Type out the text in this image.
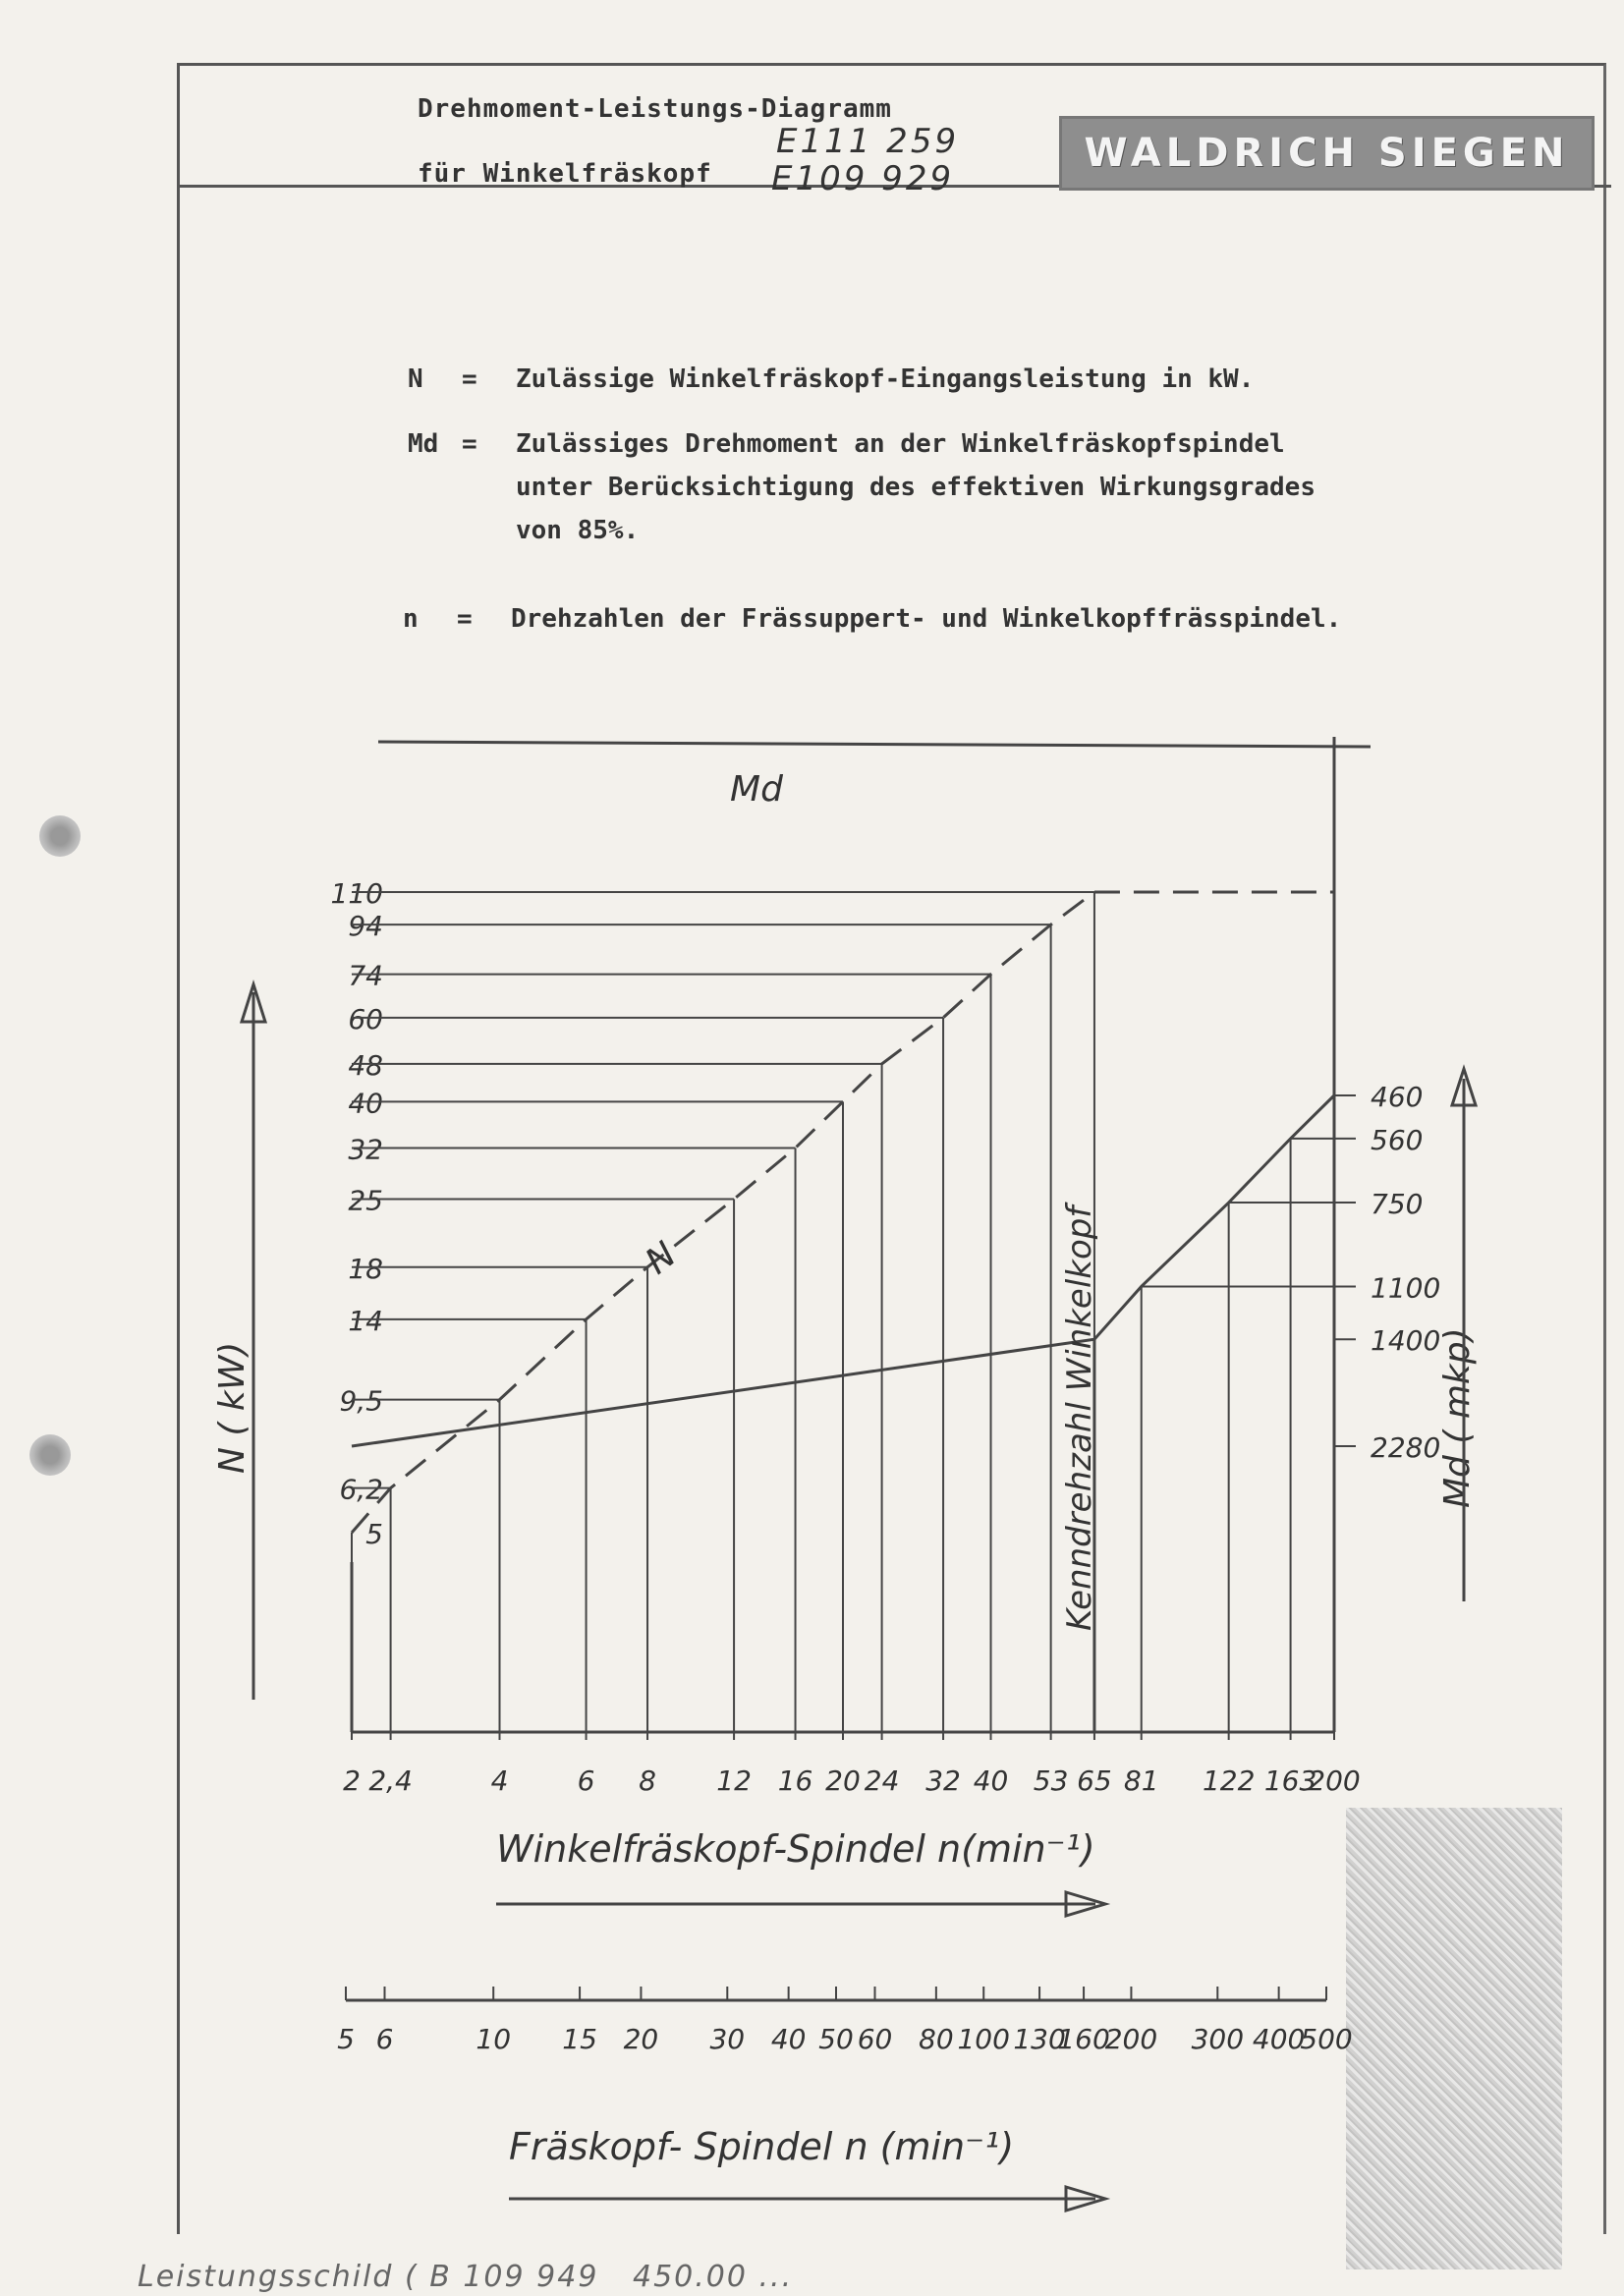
Drehmoment-Leistungs-Diagramm
für Winkelfräskopf
E111 259
E109 929
WALDRICH SIEGEN
N = Zulässige Winkelfräskopf-Eingangsleistung in kW.
Md = Zulässiges Drehmoment an der Winkelfräskopfspindel
unter Berücksichtigung des effektiven Wirkungsgrades
von 85%.
n = Drehzahlen der Frässuppert- und Winkelkopffrässpindel.
5
6,2
9,5
14
18
25
32
40
48
60
74
94
110
460
560
750
1100
1400
2280
2 2,4	4	6 8 12 16 20 24 32 40 53 65 81 122 163
200
Md
N	Kenndrehzahl Winkelkopf
N ( kW)	Md ( mkp)
Winkelfräskopf-Spindel n(min⁻¹)
5 6	10 15 20 30 40 50 60 80 100 130
160
200 300 400
500
Fräskopf- Spindel n (min⁻¹)
Leistungsschild ( B 109 949   450.00 ...
